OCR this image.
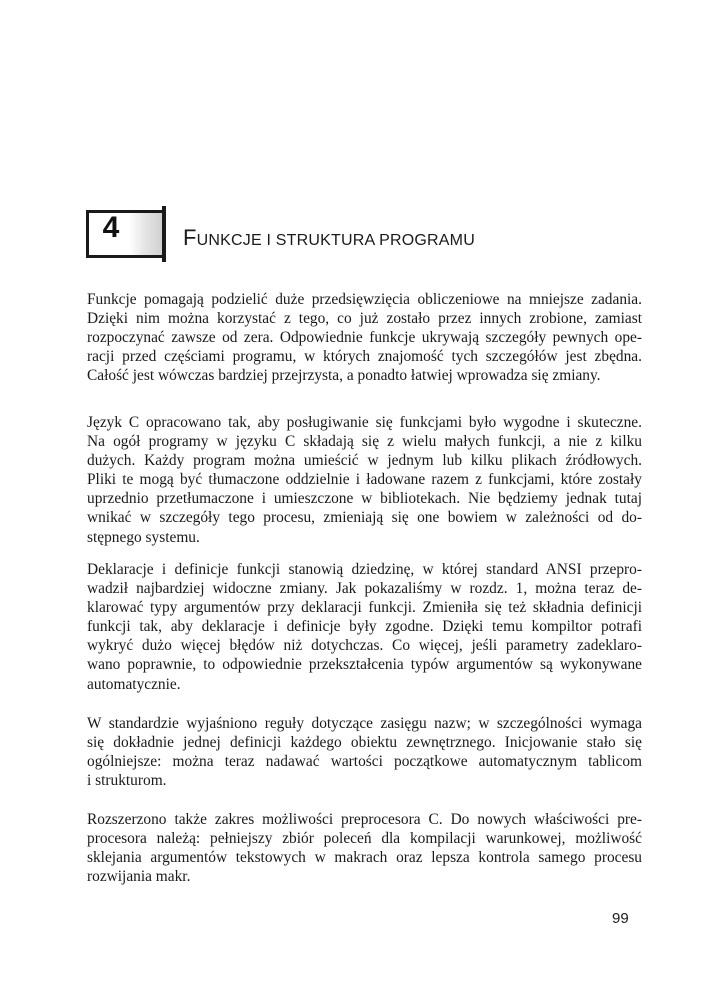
4	FUNKCJE I STRUKTURA PROGRAMU

Funkcje pomagają podzielić duże przedsięwzięcia obliczeniowe na mniejsze zadania.
Dzięki nim można korzystać z tego, co już zostało przez innych zrobione, zamiast
rozpoczynać zawsze od zera. Odpowiednie funkcje ukrywają szczegóły pewnych ope-
racji przed częściami programu, w których znajomość tych szczegółów jest zbędna.
Całość jest wówczas bardziej przejrzysta, a ponadto łatwiej wprowadza się zmiany.

Język C opracowano tak, aby posługiwanie się funkcjami było wygodne i skuteczne.
Na ogół programy w języku C składają się z wielu małych funkcji, a nie z kilku
dużych. Każdy program można umieścić w jednym lub kilku plikach źródłowych.
Pliki te mogą być tłumaczone oddzielnie i ładowane razem z funkcjami, które zostały
uprzednio przetłumaczone i umieszczone w bibliotekach. Nie będziemy jednak tutaj
wnikać w szczegóły tego procesu, zmieniają się one bowiem w zależności od do-
stępnego systemu.

Deklaracje i definicje funkcji stanowią dziedzinę, w której standard ANSI przepro-
wadził najbardziej widoczne zmiany. Jak pokazaliśmy w rozdz. 1, można teraz de-
klarować typy argumentów przy deklaracji funkcji. Zmieniła się też składnia definicji
funkcji tak, aby deklaracje i definicje były zgodne. Dzięki temu kompiltor potrafi
wykryć dużo więcej błędów niż dotychczas. Co więcej, jeśli parametry zadeklaro-
wano poprawnie, to odpowiednie przekształcenia typów argumentów są wykonywane
automatycznie.

W standardzie wyjaśniono reguły dotyczące zasięgu nazw; w szczególności wymaga
się dokładnie jednej definicji każdego obiektu zewnętrznego. Inicjowanie stało się
ogólniejsze: można teraz nadawać wartości początkowe automatycznym tablicom
i strukturom.

Rozszerzono także zakres możliwości preprocesora C. Do nowych właściwości pre-
procesora należą: pełniejszy zbiór poleceń dla kompilacji warunkowej, możliwość
sklejania argumentów tekstowych w makrach oraz lepsza kontrola samego procesu
rozwijania makr.

99
